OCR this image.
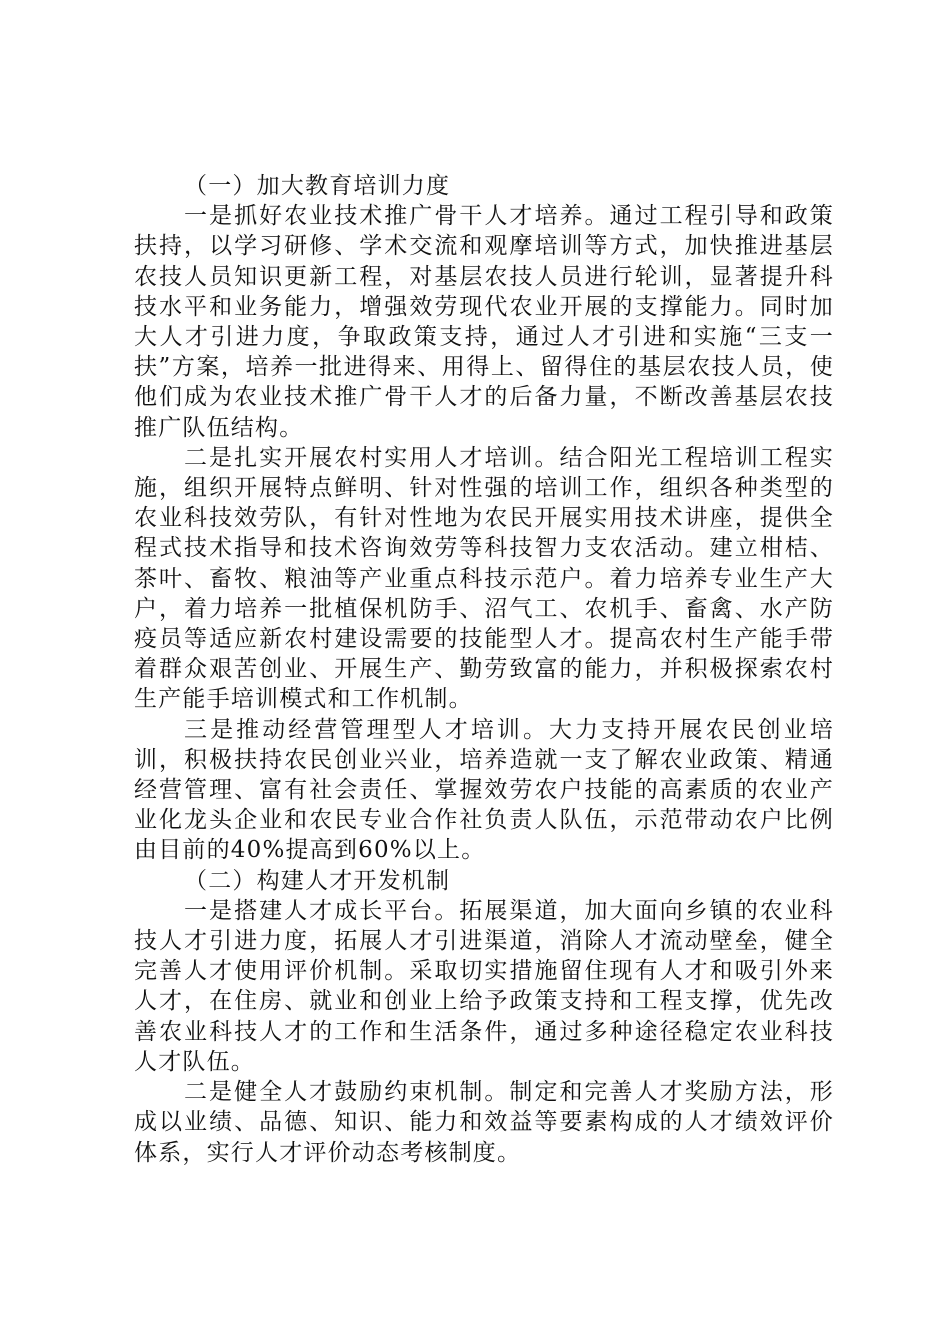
（一）加大教育培训力度

一是抓好农业技术推广骨干人才培养。通过工程引导和政策扶持，以学习研修、学术交流和观摩培训等方式，加快推进基层农技人员知识更新工程，对基层农技人员进行轮训，显著提升科技水平和业务能力，增强效劳现代农业开展的支撑能力。同时加大人才引进力度，争取政策支持，通过人才引进和实施“三支一扶”方案，培养一批进得来、用得上、留得住的基层农技人员，使他们成为农业技术推广骨干人才的后备力量，不断改善基层农技推广队伍结构。

二是扎实开展农村实用人才培训。结合阳光工程培训工程实施，组织开展特点鲜明、针对性强的培训工作，组织各种类型的农业科技效劳队，有针对性地为农民开展实用技术讲座，提供全程式技术指导和技术咨询效劳等科技智力支农活动。建立柑桔、茶叶、畜牧、粮油等产业重点科技示范户。着力培养专业生产大户，着力培养一批植保机防手、沼气工、农机手、畜禽、水产防疫员等适应新农村建设需要的技能型人才。提高农村生产能手带着群众艰苦创业、开展生产、勤劳致富的能力，并积极探索农村生产能手培训模式和工作机制。

三是推动经营管理型人才培训。大力支持开展农民创业培训，积极扶持农民创业兴业，培养造就一支了解农业政策、精通经营管理、富有社会责任、掌握效劳农户技能的高素质的农业产业化龙头企业和农民专业合作社负责人队伍，示范带动农户比例由目前的40%提高到60%以上。

（二）构建人才开发机制

一是搭建人才成长平台。拓展渠道，加大面向乡镇的农业科技人才引进力度，拓展人才引进渠道，消除人才流动壁垒，健全完善人才使用评价机制。采取切实措施留住现有人才和吸引外来人才，在住房、就业和创业上给予政策支持和工程支撑，优先改善农业科技人才的工作和生活条件，通过多种途径稳定农业科技人才队伍。

二是健全人才鼓励约束机制。制定和完善人才奖励方法，形成以业绩、品德、知识、能力和效益等要素构成的人才绩效评价体系，实行人才评价动态考核制度。
